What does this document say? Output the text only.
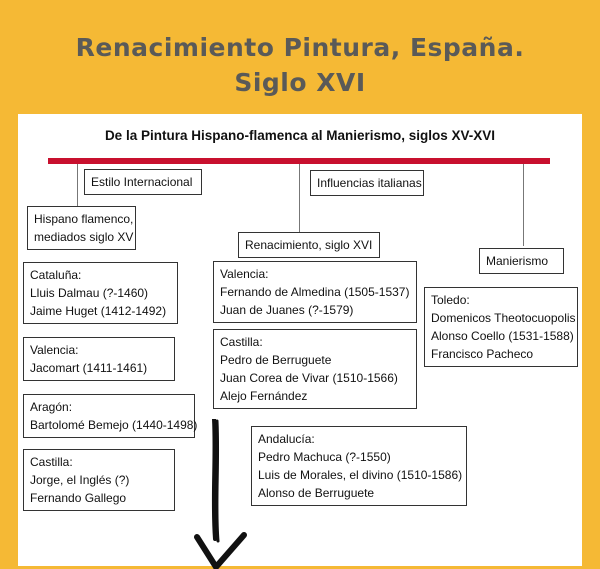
Renacimiento Pintura, España.
Siglo XVI
De la Pintura Hispano-flamenca al Manierismo, siglos XV-XVI
Estilo Internacional	Influencias italianas
Hispano flamenco,
mediados siglo XV
Renacimiento, siglo XVI
Manierismo
Cataluña:
Lluis Dalmau (?-1460)
Jaime Huget (1412-1492)
Valencia:
Jacomart (1411-1461)
Aragón:
Bartolomé Bemejo (1440-1498)
Castilla:
Jorge, el Inglés (?)
Fernando Gallego
Valencia:
Fernando de Almedina (1505-1537)
Juan de Juanes (?-1579)
Castilla:
Pedro de Berruguete
Juan Corea de Vivar (1510-1566)
Alejo Fernández
Andalucía:
Pedro Machuca (?-1550)
Luis de Morales, el divino (1510-1586)
Alonso de Berruguete
Toledo:
Domenicos Theotocuopolis
Alonso Coello (1531-1588)
Francisco Pacheco
